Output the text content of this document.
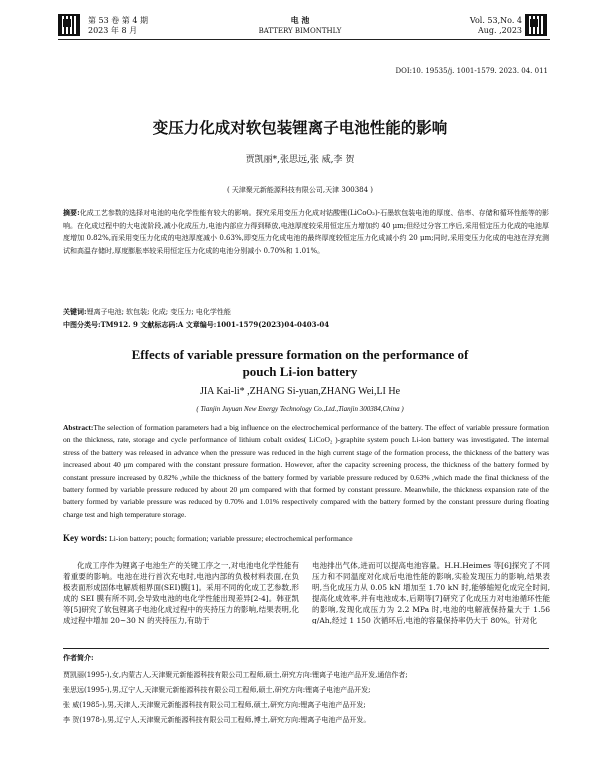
第 53 卷 第 4 期
2023 年 8 月
电 池
BATTERY BIMONTHLY
Vol. 53,No. 4
Aug. ,2023
DOI:10. 19535/j. 1001-1579. 2023. 04. 011
变压力化成对软包装锂离子电池性能的影响
贾凯丽*,张思远,张 威,李 贺
( 天津聚元新能源科技有限公司,天津 300384 )
摘要:化成工艺参数的选择对电池的电化学性能有较大的影响。探究采用变压力化成对钴酸锂(LiCoO₂)-石墨软包装电池的厚度、倍率、存储和循环性能等的影响。在化成过程中的大电流阶段,减小化成压力,电池内部应力得到释放,电池厚度较采用恒定压力增加约 40 μm;但经过分容工序后,采用恒定压力化成的电池厚度增加 0.82%,而采用变压力化成的电池厚度减小 0.63%,即变压力化成电池的最终厚度较恒定压力化成减小约 20 μm;同时,采用变压力化成的电池在浮充测试和高温存储时,厚度膨胀率较采用恒定压力化成的电池分别减小 0.70%和 1.01%。
关键词:锂离子电池; 软包装; 化成; 变压力; 电化学性能
中图分类号:TM912. 9 文献标志码:A 文章编号:1001-1579(2023)04-0403-04
Effects of variable pressure formation on the performance of
pouch Li-ion battery
JIA Kai-li* ,ZHANG Si-yuan,ZHANG Wei,LI He
( Tianjin Juyuan New Energy Technology Co.,Ltd.,Tianjin 300384,China )
Abstract:The selection of formation parameters had a big influence on the electrochemical performance of the battery. The effect of variable pressure formation on the thickness, rate, storage and cycle performance of lithium cobalt oxides( LiCoO₂ )-graphite system pouch Li-ion battery was investigated. The internal stress of the battery was released in advance when the pressure was reduced in the high current stage of the formation process, the thickness of the battery was increased about 40 μm compared with the constant pressure formation. However, after the capacity screening process, the thickness of the battery formed by constant pressure increased by 0.82% ,while the thickness of the battery formed by variable pressure reduced by 0.63% ,which made the final thickness of the battery formed by variable pressure reduced by about 20 μm compared with that formed by constant pressure. Meanwhile, the thickness expansion rate of the battery formed by variable pressure was reduced by 0.70% and 1.01% respectively compared with the battery formed by the constant pressure during floating charge test and high temperature storage.
Key words: Li-ion battery; pouch; formation; variable pressure; electrochemical performance
化成工序作为锂离子电池生产的关键工序之一,对电池电化学性能有着重要的影响。电池在进行首次充电时,电池内部的负极材料表面,在负极表面形成固体电解质相界面(SEI)膜[1]。采用不同的化成工艺参数,形成的 SEI 膜有所不同,会导致电池的电化学性能出现差异[2-4]。韩亚凯等[5]研究了软包锂离子电池化成过程中的夹持压力的影响,结果表明,化成过程中增加 20~30 N 的夹持压力,有助于
电池排出气体,进而可以提高电池容量。H.H.Heimes 等[6]探究了不同压力和不同温度对化成后电池性能的影响,实验发现压力的影响,结果表明,当化成压力从 0.05 kN 增加至 1.70 kN 时,能够缩短化成完全时间,提高化成效率,并有电池成本,后期等[7]研究了化成压力对电池循环性能的影响,发现化成压力为 2.2 MPa 时,电池的电解液保持量大于 1.56 g/Ah,经过 1 150 次循环后,电池的容量保持率仍大于 80%。针对化
作者简介:
贾凯丽(1995-),女,内蒙古人,天津聚元新能源科技有限公司工程师,硕士,研究方向:锂离子电池产品开发,通信作者;
张思远(1995-),男,辽宁人,天津聚元新能源科技有限公司工程师,硕士,研究方向:锂离子电池产品开发;
张 威(1985-),男,天津人,天津聚元新能源科技有限公司工程师,硕士,研究方向:锂离子电池产品开发;
李 贺(1978-),男,辽宁人,天津聚元新能源科技有限公司工程师,博士,研究方向:锂离子电池产品开发。
